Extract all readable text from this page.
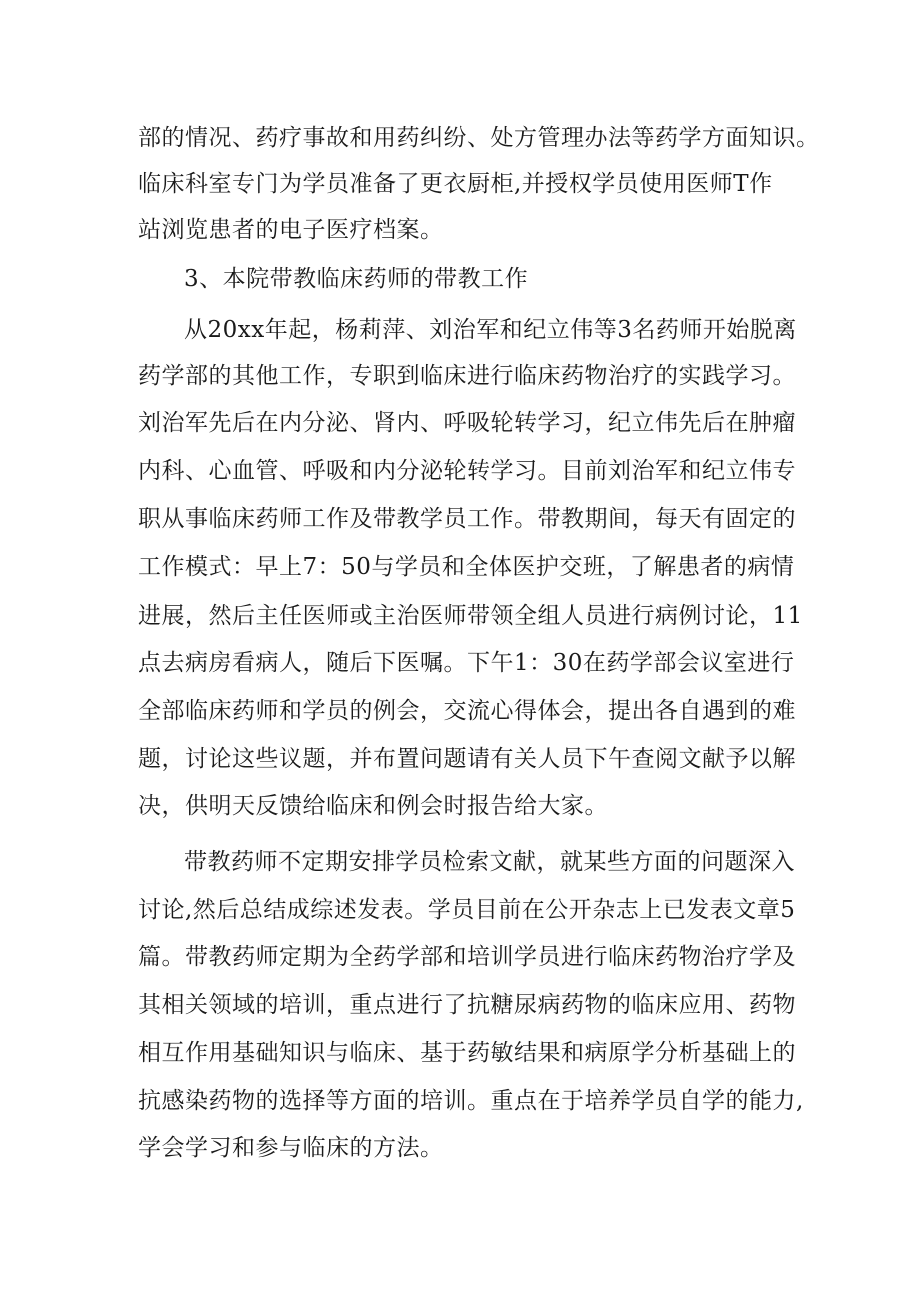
部的情况、药疗事故和用药纠纷、处方管理办法等药学方面知识。
临床科室专门为学员准备了更衣厨柜,并授权学员使用医师T作
站浏览患者的电子医疗档案。
3、本院带教临床药师的带教工作
从20xx年起，杨莉萍、刘治军和纪立伟等3名药师开始脱离
药学部的其他工作，专职到临床进行临床药物治疗的实践学习。
刘治军先后在内分泌、肾内、呼吸轮转学习，纪立伟先后在肿瘤
内科、心血管、呼吸和内分泌轮转学习。目前刘治军和纪立伟专
职从事临床药师工作及带教学员工作。带教期间，每天有固定的
工作模式：早上7：50与学员和全体医护交班，了解患者的病情
进展，然后主任医师或主治医师带领全组人员进行病例讨论，11
点去病房看病人，随后下医嘱。下午1：30在药学部会议室进行
全部临床药师和学员的例会，交流心得体会，提出各自遇到的难
题，讨论这些议题，并布置问题请有关人员下午查阅文献予以解
决，供明天反馈给临床和例会时报告给大家。
带教药师不定期安排学员检索文献，就某些方面的问题深入
讨论,然后总结成综述发表。学员目前在公开杂志上已发表文章5
篇。带教药师定期为全药学部和培训学员进行临床药物治疗学及
其相关领域的培训，重点进行了抗糖尿病药物的临床应用、药物
相互作用基础知识与临床、基于药敏结果和病原学分析基础上的
抗感染药物的选择等方面的培训。重点在于培养学员自学的能力,
学会学习和参与临床的方法。
